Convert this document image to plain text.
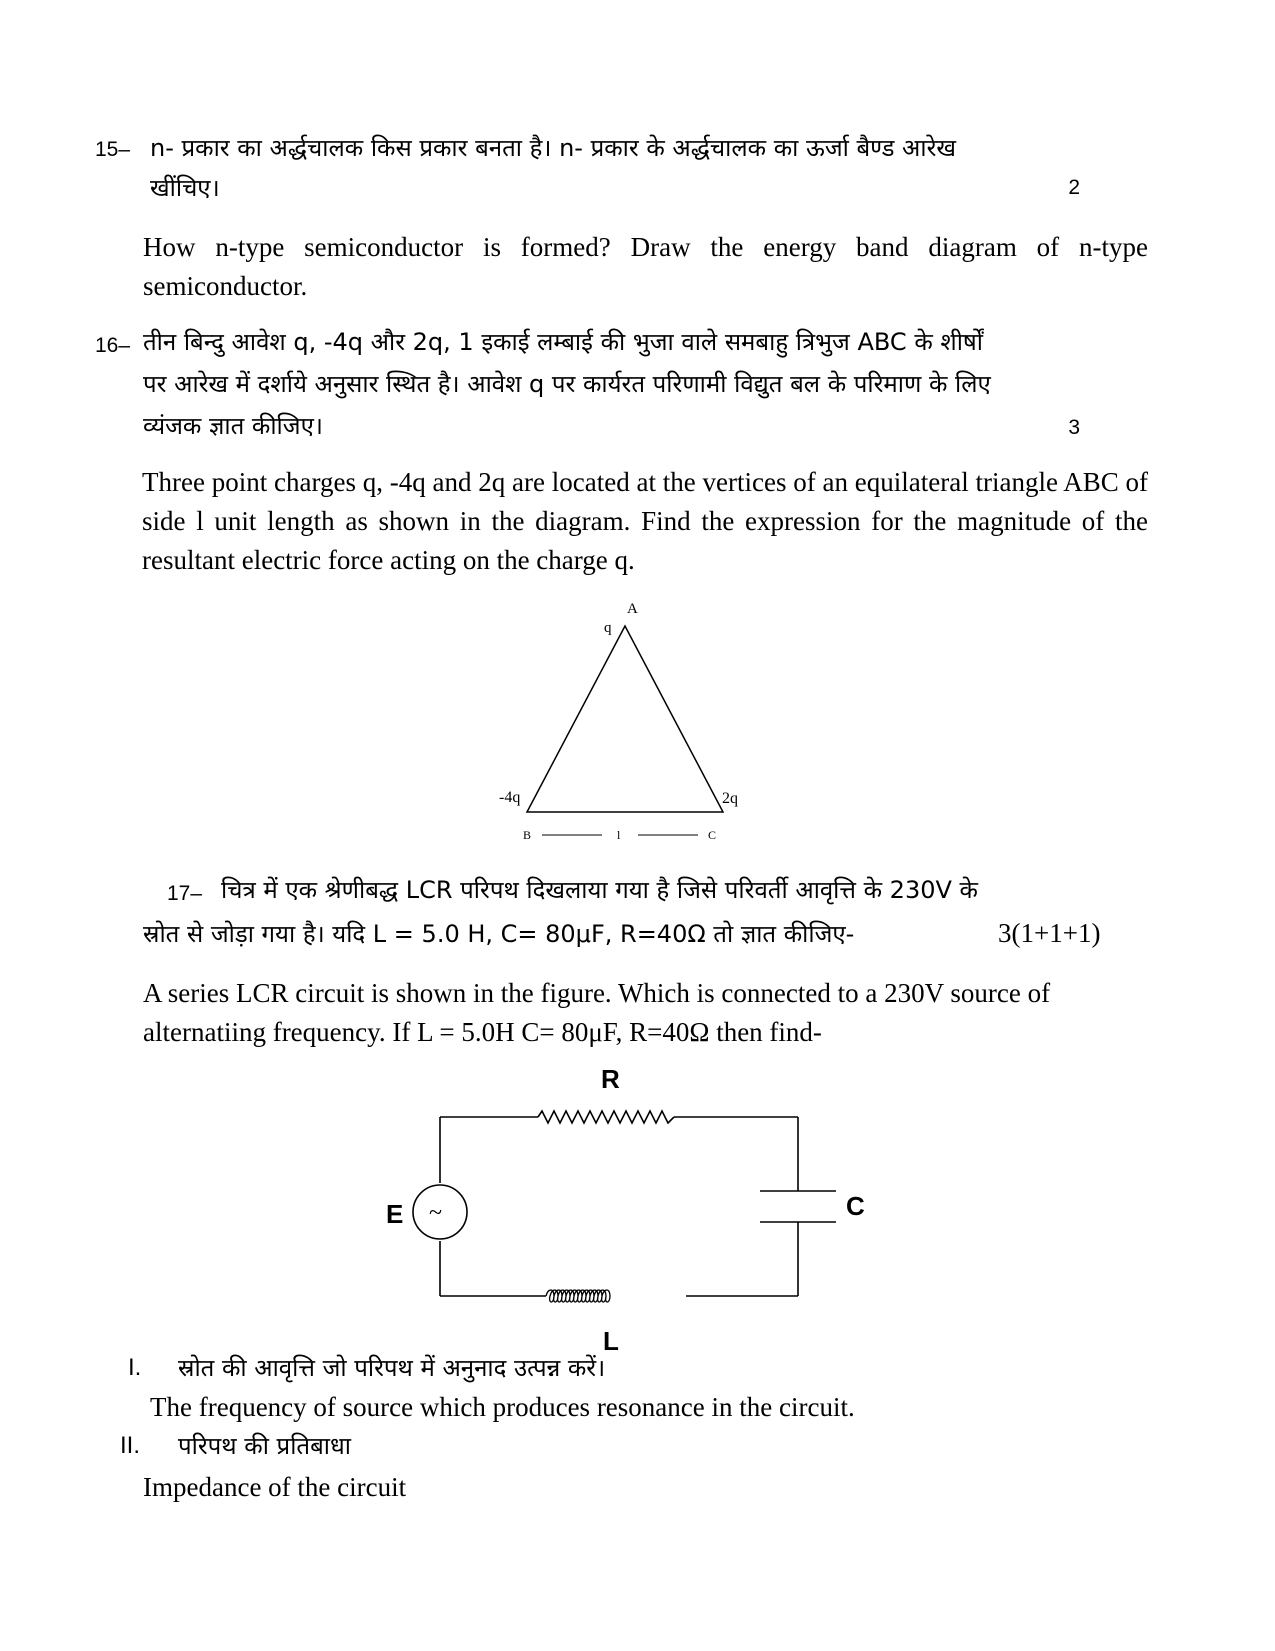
15– n- प्रकार का अर्द्धचालक किस प्रकार बनता है। n- प्रकार के अर्द्धचालक का ऊर्जा बैण्ड आरेख
खींचिए।	2
How n-type semiconductor is formed? Draw the energy band diagram of n-type semiconductor.
16– तीन बिन्दु आवेश q, -4q और 2q, 1 इकाई लम्बाई की भुजा वाले समबाहु त्रिभुज ABC के शीर्षों
पर आरेख में दर्शाये अनुसार स्थित है। आवेश q पर कार्यरत परिणामी विद्युत बल के परिमाण के लिए
व्यंजक ज्ञात कीजिए।	3
Three point charges q, -4q and 2q are located at the vertices of an equilateral triangle ABC of side l unit length as shown in the diagram. Find the expression for the magnitude of the resultant electric force acting on the charge q.
A
q
-4q	2q
B	l	C
17– चित्र में एक श्रेणीबद्ध LCR परिपथ दिखलाया गया है जिसे परिवर्ती आवृत्ति के 230V के
स्रोत से जोड़ा गया है। यदि L = 5.0 H, C= 80μF, R=40Ω तो ज्ञात कीजिए-	3(1+1+1)
A series LCR circuit is shown in the figure. Which is connected to a 230V source of
alternatiing frequency. If L = 5.0H C= 80μF, R=40Ω then find-
R
~
E	C
L
I. स्रोत की आवृत्ति जो परिपथ में अनुनाद उत्पन्न करें।
The frequency of source which produces resonance in the circuit.
II. परिपथ की प्रतिबाधा
Impedance of the circuit
